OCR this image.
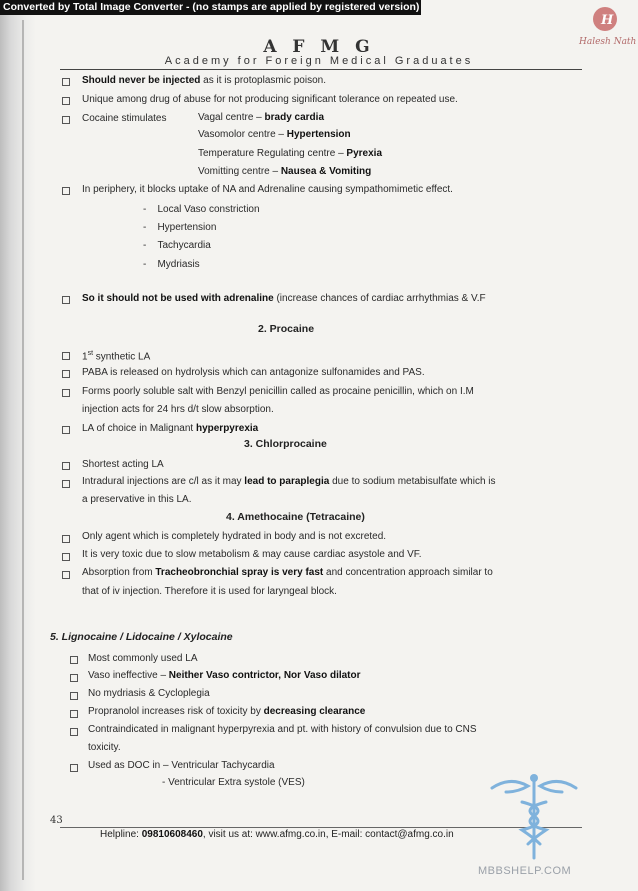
Converted by Total Image Converter - (no stamps are applied by registered version)
H
Halesh Nath
A F M G
Academy for Foreign Medical Graduates
Should never be injected as it is protoplasmic poison.
Unique among drug of abuse for not producing significant tolerance on repeated use.
Cocaine stimulates	Vagal centre – brady cardia
Vasomolor centre – Hypertension
Temperature Regulating centre – Pyrexia
Vomitting centre – Nausea & Vomiting
In periphery, it blocks uptake of NA and Adrenaline causing sympathomimetic effect.
-    Local Vaso constriction
-    Hypertension
-    Tachycardia
-    Mydriasis
So it should not be used with adrenaline (increase chances of cardiac arrhythmias & V.F
2. Procaine
1st synthetic LA
PABA is released on hydrolysis which can antagonize sulfonamides and PAS.
Forms poorly soluble salt with Benzyl penicillin called as procaine penicillin, which on I.M
injection acts for 24 hrs d/t slow absorption.
LA of choice in Malignant hyperpyrexia
3. Chlorprocaine
Shortest acting LA
Intradural injections are c/l as it may lead to paraplegia due to sodium metabisulfate which is
a preservative in this LA.
4. Amethocaine (Tetracaine)
Only agent which is completely hydrated in body and is not excreted.
It is very toxic due to slow metabolism & may cause cardiac asystole and VF.
Absorption from Tracheobronchial spray is very fast and concentration approach similar to
that of iv injection. Therefore it is used for laryngeal block.
5. Lignocaine / Lidocaine / Xylocaine
Most commonly used LA
Vaso ineffective – Neither Vaso contrictor, Nor Vaso dilator
No mydriasis & Cycloplegia
Propranolol increases risk of toxicity by decreasing clearance
Contraindicated in malignant hyperpyrexia and pt. with history of convulsion due to CNS
toxicity.
Used as DOC in – Ventricular Tachycardia
- Ventricular Extra systole (VES)
43
Helpline: 09810608460, visit us at: www.afmg.co.in, E-mail: contact@afmg.co.in
MBBSHELP.COM
